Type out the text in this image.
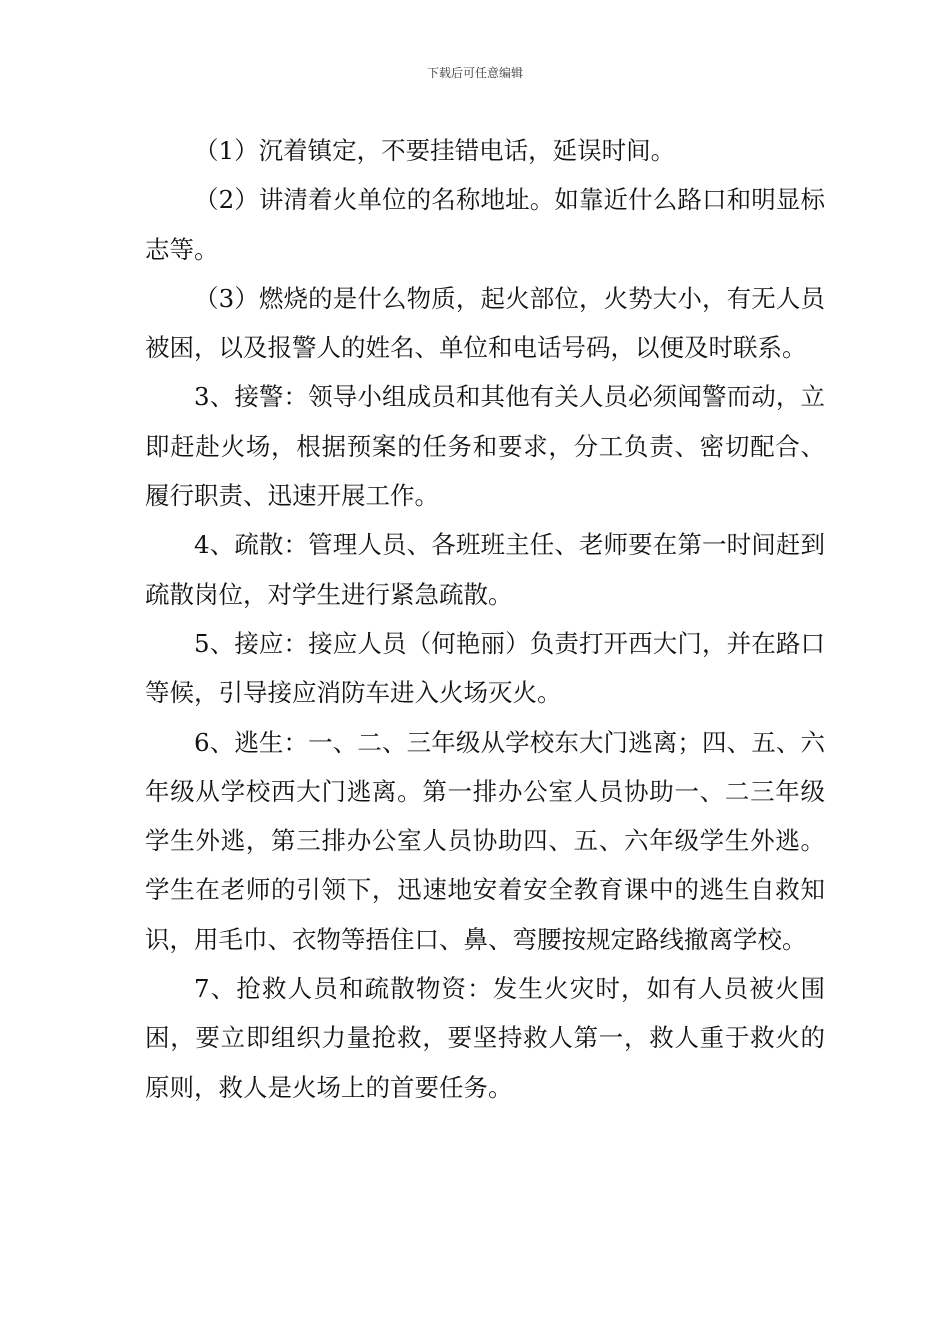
下载后可任意编辑

（1）沉着镇定，不要挂错电话，延误时间。

（2）讲清着火单位的名称地址。如靠近什么路口和明显标志等。

（3）燃烧的是什么物质，起火部位，火势大小，有无人员被困，以及报警人的姓名、单位和电话号码，以便及时联系。

3、接警：领导小组成员和其他有关人员必须闻警而动，立即赶赴火场，根据预案的任务和要求，分工负责、密切配合、履行职责、迅速开展工作。

4、疏散：管理人员、各班班主任、老师要在第一时间赶到疏散岗位，对学生进行紧急疏散。

5、接应：接应人员（何艳丽）负责打开西大门，并在路口等候，引导接应消防车进入火场灭火。

6、逃生：一、二、三年级从学校东大门逃离；四、五、六年级从学校西大门逃离。第一排办公室人员协助一、二三年级学生外逃，第三排办公室人员协助四、五、六年级学生外逃。学生在老师的引领下，迅速地安着安全教育课中的逃生自救知识，用毛巾、衣物等捂住口、鼻、弯腰按规定路线撤离学校。

7、抢救人员和疏散物资：发生火灾时，如有人员被火围困，要立即组织力量抢救，要坚持救人第一，救人重于救火的原则，救人是火场上的首要任务。
